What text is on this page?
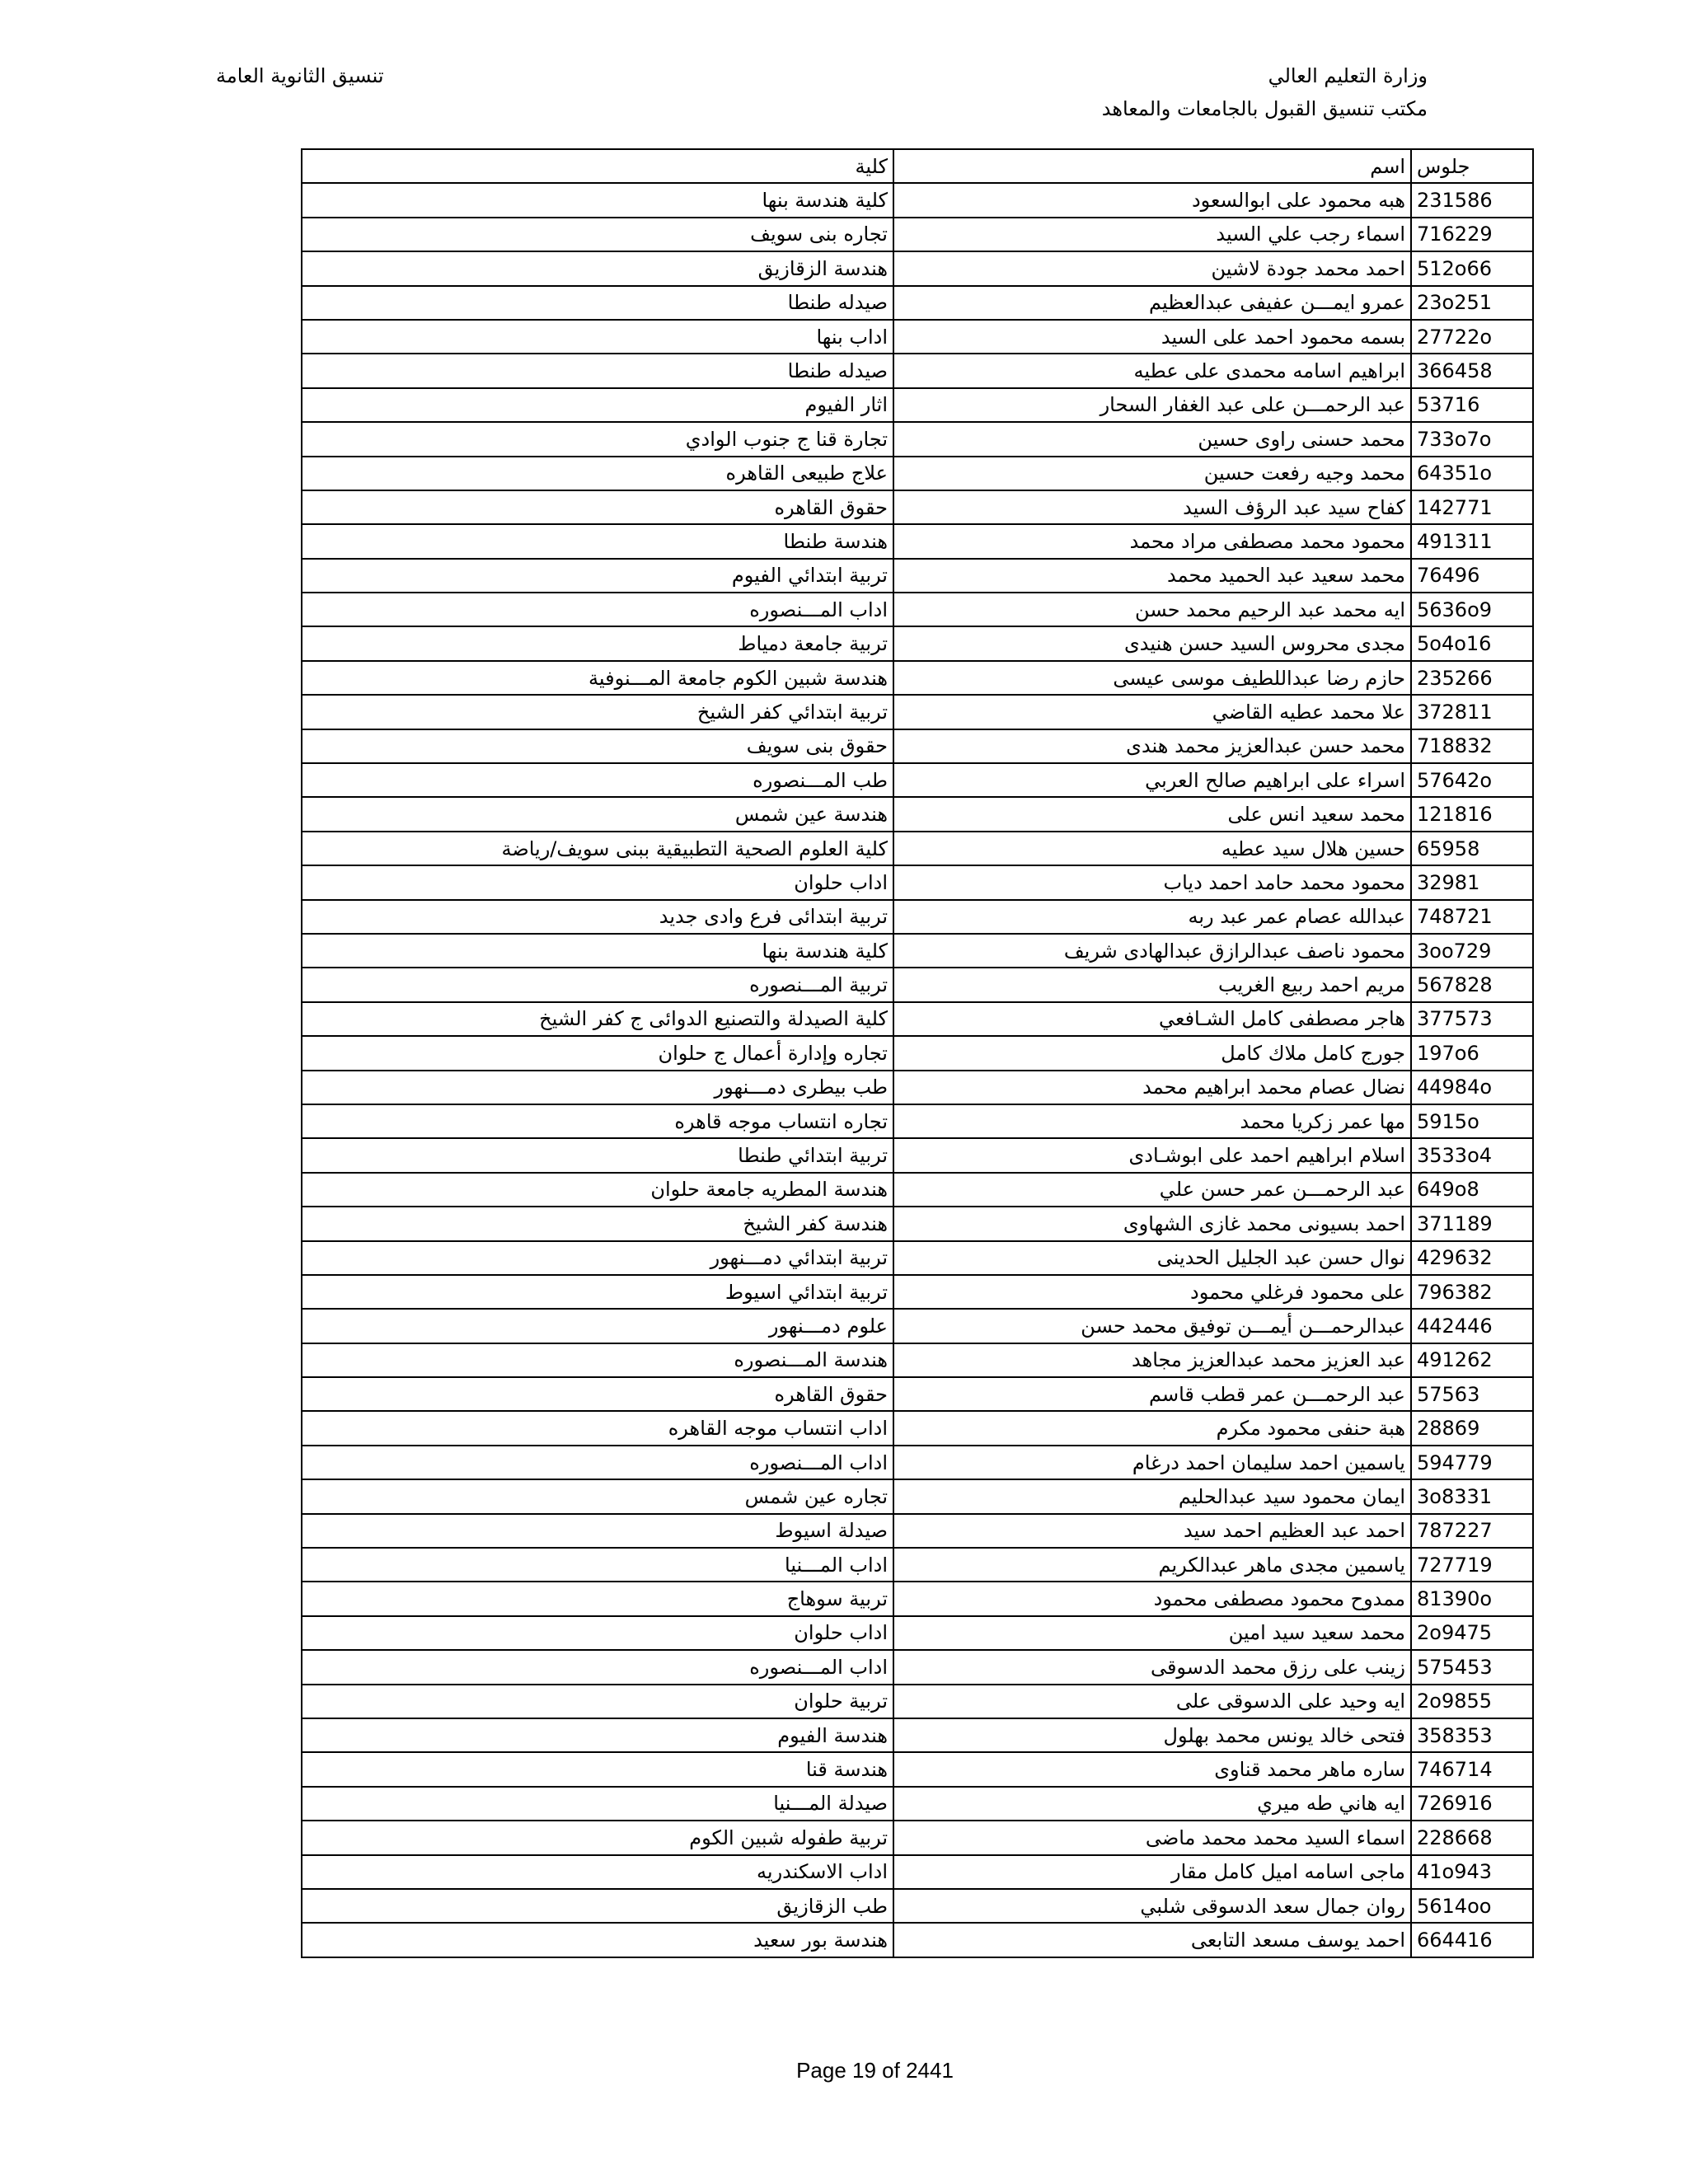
وزارة التعليم العالي
مكتب تنسيق القبول بالجامعات والمعاهد
تنسيق الثانوية العامة
جلوس	اسم	كلية
231586	هبه محمود على ابوالسعود	كلية هندسة بنها
716229	اسماء رجب علي السيد	تجاره بنى سويف
512o66	احمد محمد جودة لاشين	هندسة الزقازيق
23o251	عمرو ايمـــن عفيفى عبدالعظيم	صيدله طنطا
27722o	بسمه محمود احمد على السيد	اداب بنها
366458	ابراهيم اسامه محمدى على عطيه	صيدله طنطا
53716	عبد الرحمـــن على عبد الغفار السحار	اثار الفيوم
733o7o	محمد حسنى راوى حسين	تجارة قنا ج جنوب الوادي
64351o	محمد وجيه رفعت حسين	علاج طبيعى القاهره
142771	كفاح سيد عبد الرؤف السيد	حقوق القاهره
491311	محمود محمد مصطفى مراد محمد	هندسة طنطا
76496	محمد سعيد عبد الحميد محمد	تربية ابتدائي الفيوم
5636o9	ايه محمد عبد الرحيم محمد حسن	اداب المـــنصوره
5o4o16	مجدى محروس السيد حسن هنيدى	تربية جامعة دمياط
235266	حازم رضا عبداللطيف موسى عيسى	هندسة شبين الكوم جامعة المـــنوفية
372811	علا محمد عطيه القاضي	تربية ابتدائي كفر الشيخ
718832	محمد حسن عبدالعزيز محمد هندى	حقوق بنى سويف
57642o	اسراء على ابراهيم صالح العربي	طب المـــنصوره
121816	محمد سعيد انس على	هندسة عين شمس
65958	حسين هلال سيد عطيه	كلية العلوم الصحية التطبيقية ببنى سويف/رياضة
32981	محمود محمد حامد احمد دياب	اداب حلوان
748721	عبدالله عصام عمر عبد ربه	تربية ابتدائى فرع وادى جديد
3oo729	محمود ناصف عبدالرازق عبدالهادى شريف	كلية هندسة بنها
567828	مريم احمد ربيع الغريب	تربية المـــنصوره
377573	هاجر مصطفى كامل الشـافعي	كلية الصيدلة والتصنيع الدوائى ج كفر الشيخ
197o6	جورج كامل ملاك كامل	تجاره وإدارة أعمال ج حلوان
44984o	نضال عصام محمد ابراهيم محمد	طب بيطرى دمـــنهور
5915o	مها عمر زكريا محمد	تجاره انتساب موجه قاهره
3533o4	اسلام ابراهيم احمد على ابوشـادى	تربية ابتدائي طنطا
649o8	عبد الرحمـــن عمر حسن علي	هندسة المطريه جامعة حلوان
371189	احمد بسيونى محمد غازى الشهاوى	هندسة كفر الشيخ
429632	نوال حسن عبد الجليل الحدينى	تربية ابتدائي دمـــنهور
796382	على محمود فرغلي محمود	تربية ابتدائي اسيوط
442446	عبدالرحمـــن أيمـــن توفيق محمد حسن	علوم دمـــنهور
491262	عبد العزيز محمد عبدالعزيز مجاهد	هندسة المـــنصوره
57563	عبد الرحمـــن عمر قطب قاسم	حقوق القاهره
28869	هبة حنفى محمود مكرم	اداب انتساب موجه القاهره
594779	ياسمين احمد سليمان احمد درغام	اداب المـــنصوره
3o8331	ايمان محمود سيد عبدالحليم	تجاره عين شمس
787227	احمد عبد العظيم احمد سيد	صيدلة اسيوط
727719	ياسمين مجدى ماهر عبدالكريم	اداب المـــنيا
81390o	ممدوح محمود مصطفى محمود	تربية سوهاج
2o9475	محمد سعيد سيد امين	اداب حلوان
575453	زينب على رزق محمد الدسوقى	اداب المـــنصوره
2o9855	ايه وحيد على الدسوقى على	تربية حلوان
358353	فتحى خالد يونس محمد بهلول	هندسة الفيوم
746714	ساره ماهر محمد قناوى	هندسة قنا
726916	ايه هاني طه ميري	صيدلة المـــنيا
228668	اسماء السيد محمد محمد ماضى	تربية طفوله شبين الكوم
41o943	ماجى اسامه اميل كامل مقار	اداب الاسكندريه
5614oo	روان جمال سعد الدسوقى شلبي	طب الزقازيق
664416	احمد يوسف مسعد التابعى	هندسة بور سعيد
Page 19 of 2441
